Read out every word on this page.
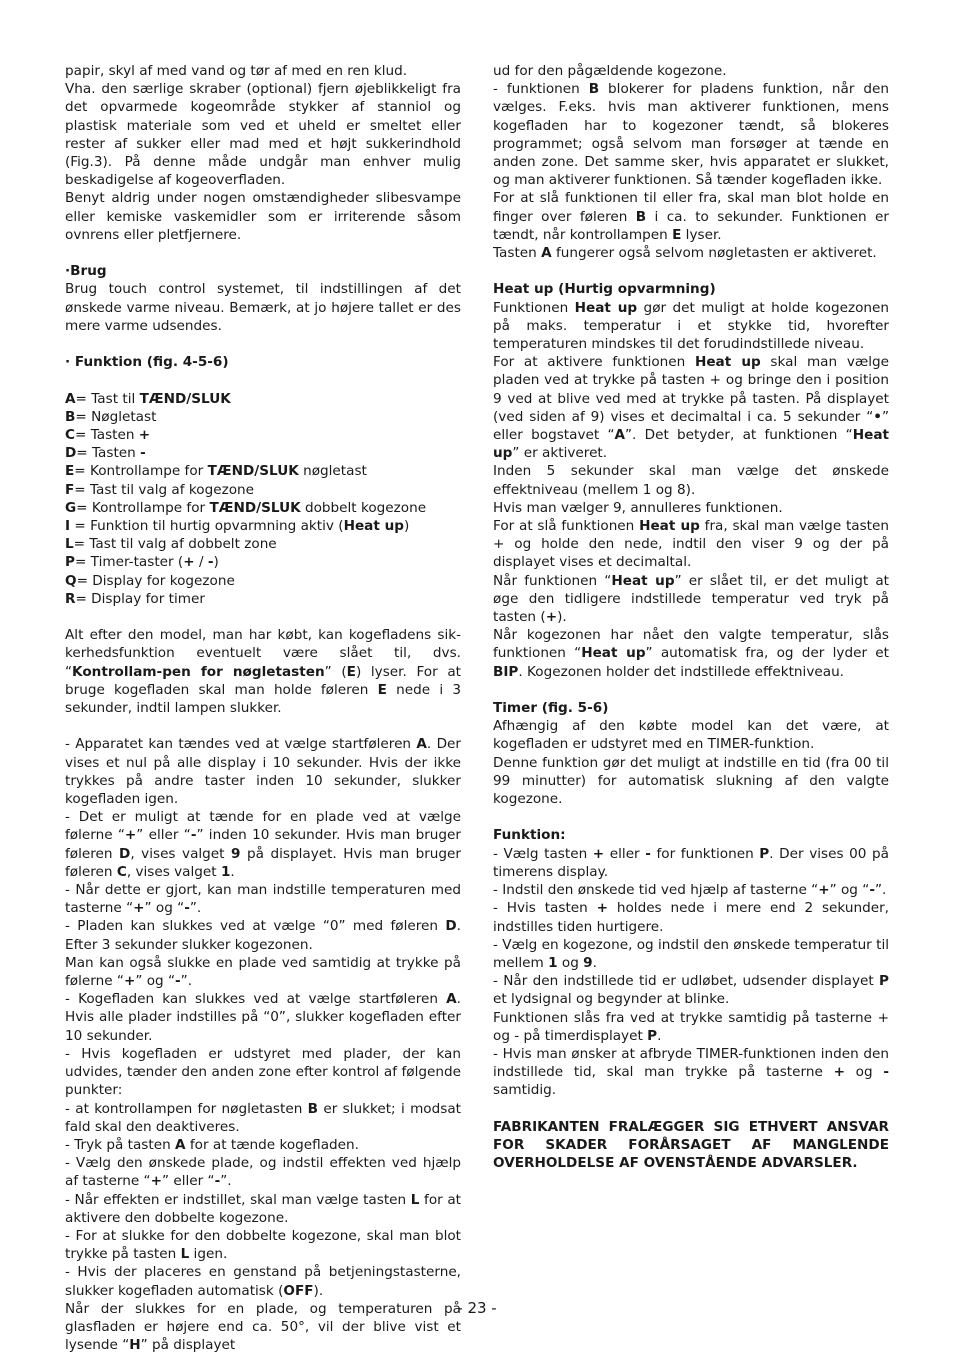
papir, skyl af med vand og tør af med en ren klud.

Vha. den særlige skraber (optional) fjern øjeblikkeligt fra det opvarmede kogeområde stykker af stanniol og plastisk materiale som ved et uheld er smeltet eller rester af sukker eller mad med et højt sukkerindhold (Fig.3). På denne måde undgår man enhver mulig beskadigelse af kogeoverfladen.

Benyt aldrig under nogen omstændigheder slibesvampe eller kemiske vaskemidler som er irriterende såsom ovnrens eller pletfjernere.

·Brug

Brug touch control systemet, til indstillingen af det ønskede varme niveau. Bemærk, at jo højere tallet er des mere varme udsendes.

· Funktion (fig. 4-5-6)

A= Tast til TÆND/SLUK

B= Nøgletast

C= Tasten +

D= Tasten -

E= Kontrollampe for TÆND/SLUK nøgletast

F= Tast til valg af kogezone

G= Kontrollampe for TÆND/SLUK dobbelt kogezone

I = Funktion til hurtig opvarmning aktiv (Heat up)

L= Tast til valg af dobbelt zone

P= Timer-taster (+ / -)

Q= Display for kogezone

R= Display for timer

Alt efter den model, man har købt, kan kogefladens sik-kerhedsfunktion eventuelt være slået til, dvs. “Kontrollam-pen for nøgletasten” (E) lyser. For at bruge kogefladen skal man holde føleren E nede i 3 sekunder, indtil lampen slukker.

- Apparatet kan tændes ved at vælge startføleren A. Der vises et nul på alle display i 10 sekunder. Hvis der ikke trykkes på andre taster inden 10 sekunder, slukker kogefladen igen.

- Det er muligt at tænde for en plade ved at vælge følerne “+” eller “-” inden 10 sekunder. Hvis man bruger føleren D, vises valget 9 på displayet. Hvis man bruger føleren C, vises valget 1.

- Når dette er gjort, kan man indstille temperaturen med tasterne “+” og “-”.

- Pladen kan slukkes ved at vælge “0” med føleren D. Efter 3 sekunder slukker kogezonen.

Man kan også slukke en plade ved samtidig at trykke på følerne “+” og “-”.

- Kogefladen kan slukkes ved at vælge startføleren A. Hvis alle plader indstilles på “0”, slukker kogefladen efter 10 sekunder.

- Hvis kogefladen er udstyret med plader, der kan udvides, tænder den anden zone efter kontrol af følgende punkter:

- at kontrollampen for nøgletasten B er slukket; i modsat fald skal den deaktiveres.

- Tryk på tasten A for at tænde kogefladen.

- Vælg den ønskede plade, og indstil effekten ved hjælp af tasterne “+” eller “-”.

- Når effekten er indstillet, skal man vælge tasten L for at aktivere den dobbelte kogezone.

- For at slukke for den dobbelte kogezone, skal man blot trykke på tasten L igen.

- Hvis der placeres en genstand på betjeningstasterne, slukker kogefladen automatisk (OFF).

Når der slukkes for en plade, og temperaturen på glasfladen er højere end ca. 50°, vil der blive vist et lysende “H” på displayet

ud for den pågældende kogezone.

- funktionen B blokerer for pladens funktion, når den vælges. F.eks. hvis man aktiverer funktionen, mens kogefladen har to kogezoner tændt, så blokeres programmet; også selvom man forsøger at tænde en anden zone. Det samme sker, hvis apparatet er slukket, og man aktiverer funktionen. Så tænder kogefladen ikke.

For at slå funktionen til eller fra, skal man blot holde en finger over føleren B i ca. to sekunder. Funktionen er tændt, når kontrollampen E lyser.

Tasten A fungerer også selvom nøgletasten er aktiveret.

Heat up (Hurtig opvarmning)

Funktionen Heat up gør det muligt at holde kogezonen på maks. temperatur i et stykke tid, hvorefter temperaturen mindskes til det forudindstillede niveau.

For at aktivere funktionen Heat up skal man vælge pladen ved at trykke på tasten + og bringe den i position 9 ved at blive ved med at trykke på tasten. På displayet (ved siden af 9) vises et decimaltal i ca. 5 sekunder “•” eller bogstavet “A”. Det betyder, at funktionen “Heat up” er aktiveret.

Inden 5 sekunder skal man vælge det ønskede effektniveau (mellem 1 og 8).

Hvis man vælger 9, annulleres funktionen.

For at slå funktionen Heat up fra, skal man vælge tasten + og holde den nede, indtil den viser 9 og der på displayet vises et decimaltal.

Når funktionen “Heat up” er slået til, er det muligt at øge den tidligere indstillede temperatur ved tryk på tasten (+).

Når kogezonen har nået den valgte temperatur, slås funktionen “Heat up” automatisk fra, og der lyder et BIP. Kogezonen holder det indstillede effektniveau.

Timer (fig. 5-6)

Afhængig af den købte model kan det være, at kogefladen er udstyret med en TIMER-funktion.

Denne funktion gør det muligt at indstille en tid (fra 00 til 99 minutter) for automatisk slukning af den valgte kogezone.

Funktion:

- Vælg tasten + eller - for funktionen P. Der vises 00 på timerens display.

- Indstil den ønskede tid ved hjælp af tasterne “+” og “-”.

- Hvis tasten + holdes nede i mere end 2 sekunder, indstilles tiden hurtigere.

- Vælg en kogezone, og indstil den ønskede temperatur til mellem 1 og 9.

- Når den indstillede tid er udløbet, udsender displayet P et lydsignal og begynder at blinke.

Funktionen slås fra ved at trykke samtidig på tasterne + og - på timerdisplayet P.

- Hvis man ønsker at afbryde TIMER-funktionen inden den indstillede tid, skal man trykke på tasterne + og - samtidig.

FABRIKANTEN FRALÆGGER SIG ETHVERT ANSVAR FOR SKADER FORÅRSAGET AF MANGLENDE OVERHOLDELSE AF OVENSTÅENDE ADVARSLER.

- 23 -
